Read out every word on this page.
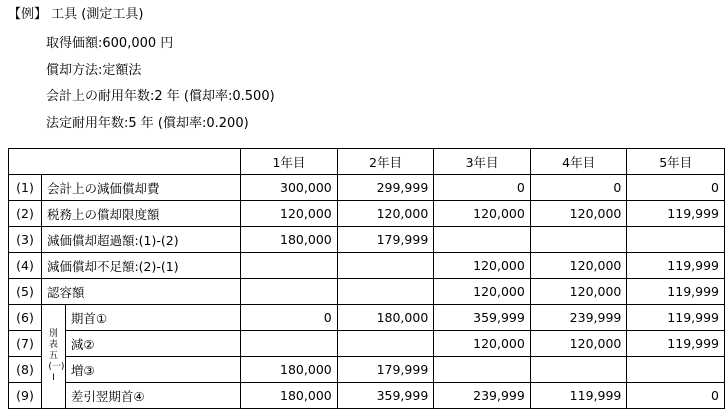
【例】 工具 (測定工具)
取得価額:600,000 円
償却方法:定額法
会計上の耐用年数:2 年 (償却率:0.500)
法定耐用年数:5 年 (償却率:0.200)
			1年目	2年目	3年目	4年目	5年目
(1)	会計上の減価償却費		300,000	299,999	0	0	0
(2)	税務上の償却限度額		120,000	120,000	120,000	120,000	119,999
(3)	減価償却超過額:(1)-(2)		180,000	179,999			
(4)	減価償却不足額:(2)-(1)				120,000	120,000	119,999
(5)	認容額				120,000	120,000	119,999
(6)	別表五(一)I	期首①	0	180,000	359,999	239,999	119,999
(7)		減②			120,000	120,000	119,999
(8)		増③	180,000	179,999			
(9)		差引翌期首④	180,000	359,999	239,999	119,999	0
